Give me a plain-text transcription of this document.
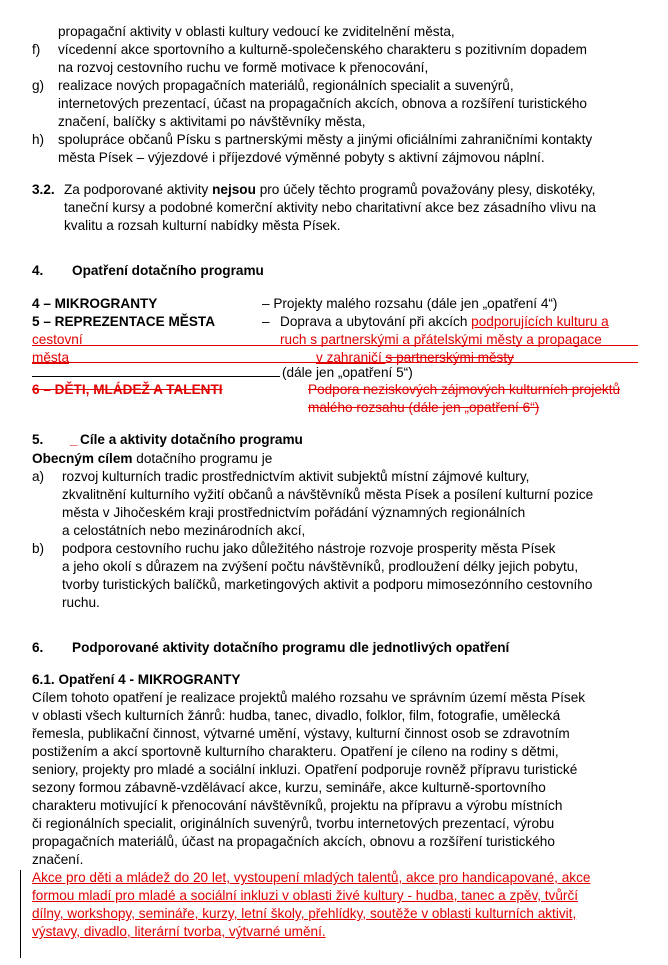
propagační aktivity v oblasti kultury vedoucí ke zviditelnění města,
f) vícedenní akce sportovního a kulturně-společenského charakteru s pozitivním dopadem
na rozvoj cestovního ruchu ve formě motivace k přenocování,
g) realizace nových propagačních materiálů, regionálních specialit a suvenýrů,
internetových prezentací, účast na propagačních akcích, obnova a rozšíření turistického
značení, balíčky s aktivitami po návštěvníky města,
h) spolupráce občanů Písku s partnerskými městy a jinými oficiálními zahraničními kontakty
města Písek – výjezdové i příjezdové výměnné pobyty s aktivní zájmovou náplní.
3.2. Za podporované aktivity nejsou pro účely těchto programů považovány plesy, diskotéky,
taneční kursy a podobné komerční aktivity nebo charitativní akce bez zásadního vlivu na
kvalitu a rozsah kulturní nabídky města Písek.
4. Opatření dotačního programu
4 – MIKROGRANTY	– Projekty malého rozsahu (dále jen „opatření 4“)
5 – REPREZENTACE MĚSTA	– Doprava a ubytování při akcích podporujících kulturu a
cestovní	ruch s partnerskými a přátelskými městy a propagace
města	v zahraničí s partnerskými městy
(dále jen „opatření 5“)
6 – DĚTI, MLÁDEŽ A TALENTI	Podpora neziskových zájmových kulturních projektů
malého rozsahu (dále jen „opatření 6“)
5. _ Cíle a aktivity dotačního programu
Obecným cílem dotačního programu je
a) rozvoj kulturních tradic prostřednictvím aktivit subjektů místní zájmové kultury,
zkvalitnění kulturního vyžití občanů a návštěvníků města Písek a posílení kulturní pozice
města v Jihočeském kraji prostřednictvím pořádání významných regionálních
a celostátních nebo mezinárodních akcí,
b) podpora cestovního ruchu jako důležitého nástroje rozvoje prosperity města Písek
a jeho okolí s důrazem na zvýšení počtu návštěvníků, prodloužení délky jejich pobytu,
tvorby turistických balíčků, marketingových aktivit a podporu mimosezónního cestovního
ruchu.
6. Podporované aktivity dotačního programu dle jednotlivých opatření
6.1. Opatření 4 - MIKROGRANTY
Cílem tohoto opatření je realizace projektů malého rozsahu ve správním území města Písek
v oblasti všech kulturních žánrů: hudba, tanec, divadlo, folklor, film, fotografie, umělecká
řemesla, publikační činnost, výtvarné umění, výstavy, kulturní činnost osob se zdravotním
postižením a akcí sportovně kulturního charakteru. Opatření je cíleno na rodiny s dětmi,
seniory, projekty pro mladé a sociální inkluzi. Opatření podporuje rovněž přípravu turistické
sezony formou zábavně-vzdělávací akce, kurzu, semináře, akce kulturně-sportovního
charakteru motivující k přenocování návštěvníků, projektu na přípravu a výrobu místních
či regionálních specialit, originálních suvenýrů, tvorbu internetových prezentací, výrobu
propagačních materiálů, účast na propagačních akcích, obnovu a rozšíření turistického
značení.
Akce pro děti a mládež do 20 let, vystoupení mladých talentů, akce pro handicapované, akce
formou mladí pro mladé a sociální inkluzi v oblasti živé kultury - hudba, tanec a zpěv, tvůrčí
dílny, workshopy, semináře, kurzy, letní školy, přehlídky, soutěže v oblasti kulturních aktivit,
výstavy, divadlo, literární tvorba, výtvarné umění.
